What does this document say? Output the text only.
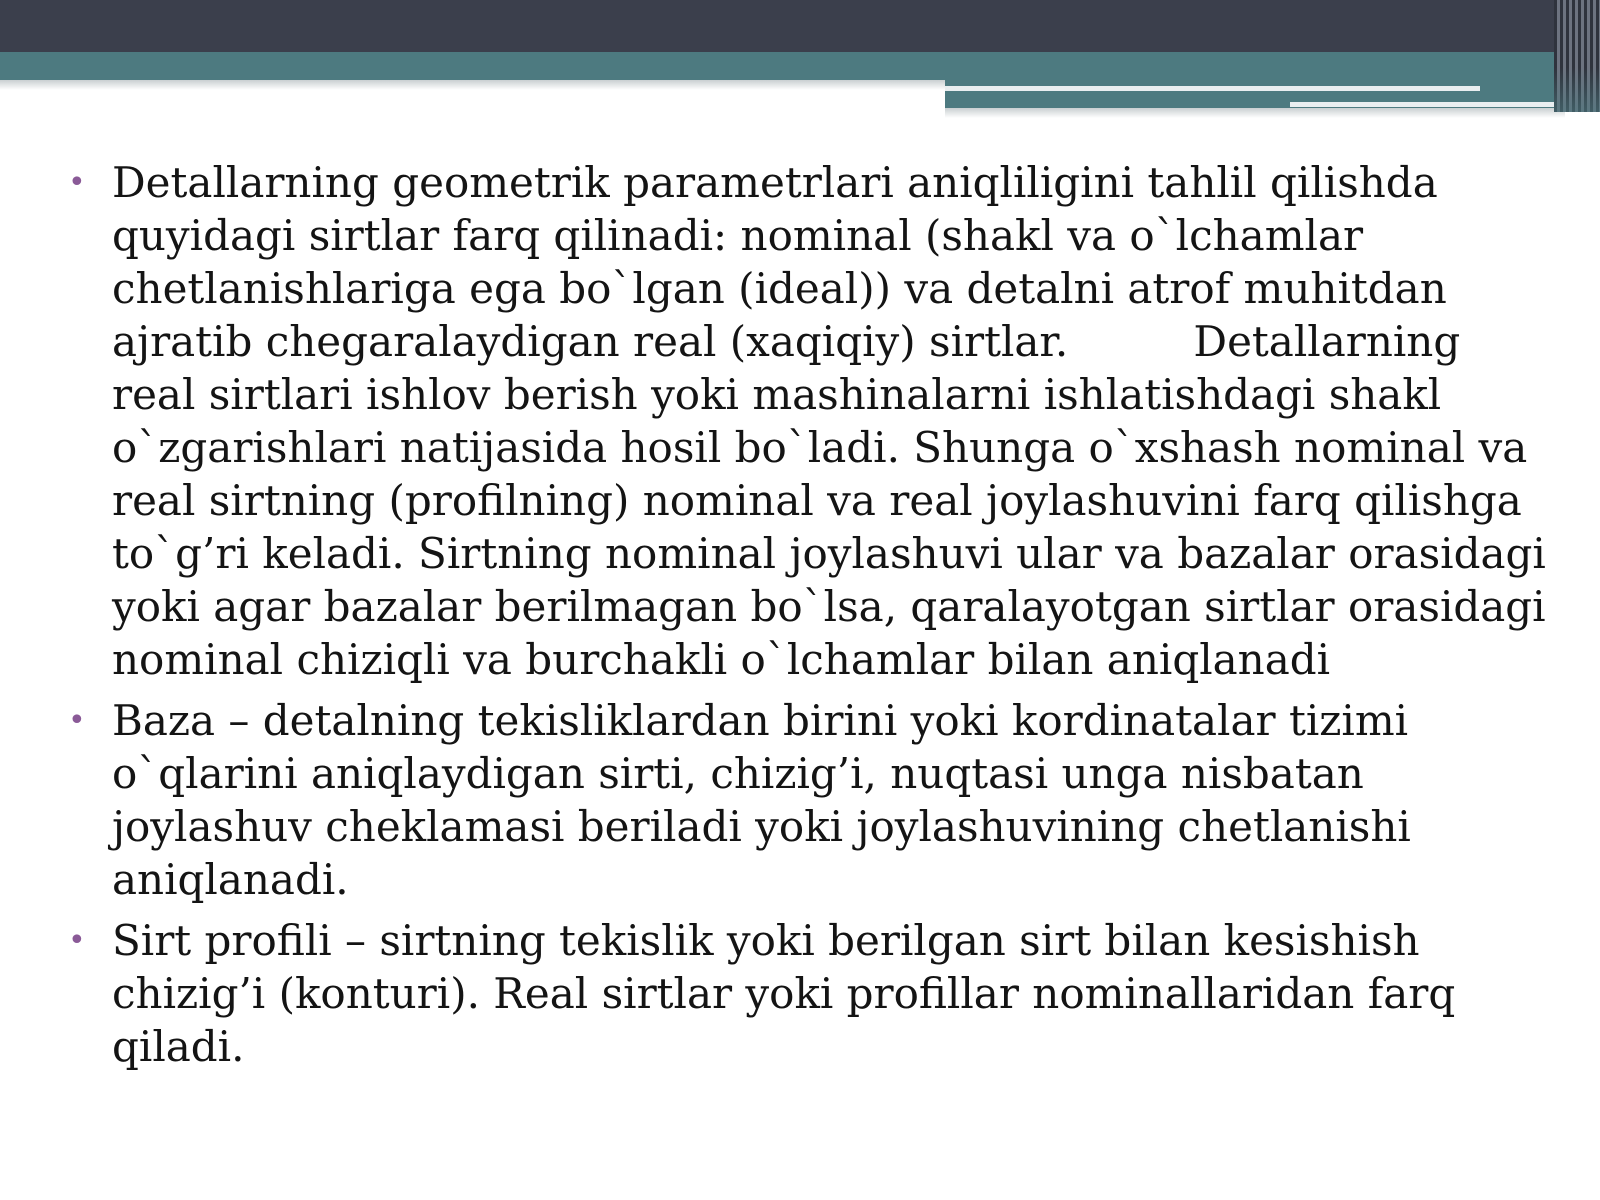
• Detallarning geometrik parametrlari aniqliligini tahlil qilishda quyidagi sirtlar farq qilinadi: nominal (shakl va o`lchamlar chetlanishlariga ega bo`lgan (ideal)) va detalni atrof muhitdan ajratib chegaralaydigan real (xaqiqiy) sirtlar.	Detallarning real sirtlari ishlov berish yoki mashinalarni ishlatishdagi shakl o`zgarishlari natijasida hosil bo`ladi. Shunga o`xshash nominal va real sirtning (profilning) nominal va real joylashuvini farq qilishga to`g’ri keladi. Sirtning nominal joylashuvi ular va bazalar orasidagi yoki agar bazalar berilmagan bo`lsa, qaralayotgan sirtlar orasidagi nominal chiziqli va burchakli o`lchamlar bilan aniqlanadi
• Baza – detalning tekisliklardan birini yoki kordinatalar tizimi o`qlarini aniqlaydigan sirti, chizig’i, nuqtasi unga nisbatan joylashuv cheklamasi beriladi yoki joylashuvining chetlanishi aniqlanadi.
• Sirt profili – sirtning tekislik yoki berilgan sirt bilan kesishish chizig’i (konturi). Real sirtlar yoki profillar nominallaridan farq qiladi.
